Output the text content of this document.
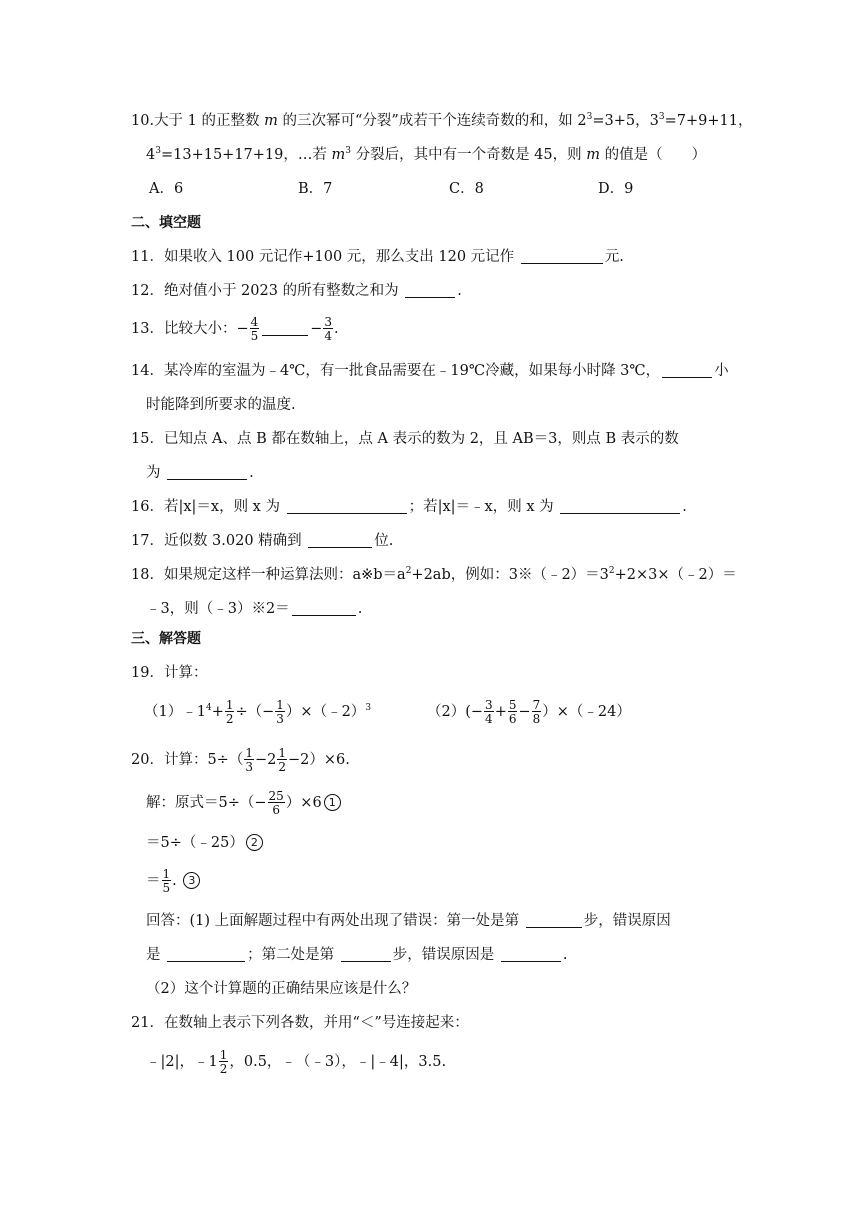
10.大于 1 的正整数 m 的三次幂可“分裂”成若干个连续奇数的和，如 $2^3=3+5$，$3^3=7+9+11$，
$4^3=13+15+17+19$，…若 $m^3$ 分裂后，其中有一个奇数是 45，则 m 的值是（　　）
A．6	B．7	C．8	D．9
二、填空题
11．如果收入 100 元记作+100 元，那么支出 120 元记作	元.
12．绝对值小于 2023 的所有整数之和为	.
13．比较大小：− $\frac{4}{5}$	− $\frac{3}{4}$ .
14．某冷库的室温为﹣4℃，有一批食品需要在﹣19℃冷藏，如果每小时降 3℃，	小
时能降到所要求的温度.
15．已知点 A、点 B 都在数轴上，点 A 表示的数为 2，且 AB＝3，则点 B 表示的数
为	.
16．若|x|＝x，则 x 为	；若|x|＝﹣x，则 x 为	.
17．近似数 3.020 精确到	位.
18．如果规定这样一种运算法则：$a※b=a^2+2ab$，例如：$3※(﹣2)=3^2+2\times 3\times(﹣2)=$
﹣3，则（﹣3）※2＝	.
三、解答题
19．计算：
$(1)﹣1^4+ \frac{1}{2}$ ÷（− $\frac{1}{3}$ ）×（﹣2）$^3$	$(2)(- \frac{3}{4} + \frac{5}{6} - \frac{7}{8}$ ）×（﹣24）
20．计算：$5\div( \frac{1}{3} -2 \frac{1}{2} -2)\times 6$.
解：原式$=5\div(- \frac{25}{6} )\times 6$ 1
＝5÷（﹣25） 2
＝ $\frac{1}{5}$ . 3
回答：(1) 上面解题过程中有两处出现了错误：第一处是第	步，错误原因
是	；第二处是第	步，错误原因是	.
（2）这个计算题的正确结果应该是什么？
21．在数轴上表示下列各数，并用“＜”号连接起来：
﹣|2|，﹣1 $\frac{1}{2}$ ，0.5，﹣（﹣3），﹣|﹣4|，3.5.
